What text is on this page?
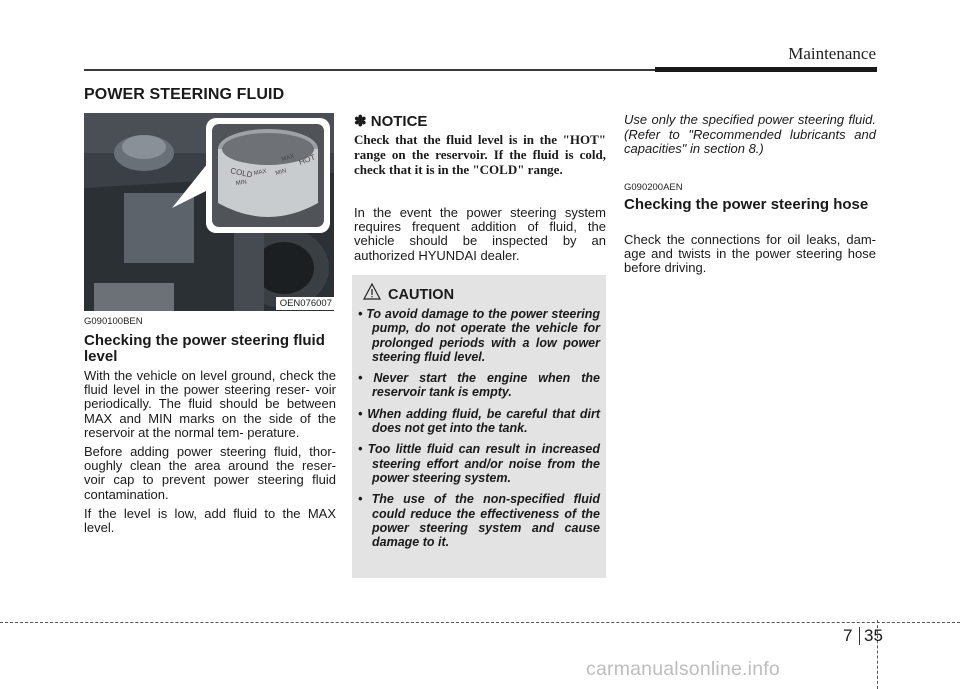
Maintenance
POWER STEERING FLUID
COLD
MIN
MAX
HOT
MAX
MIN
OEN076007
G090100BEN
Checking the power steering fluid level

With the vehicle on level ground, check the fluid level in the power steering reser- voir periodically. The fluid should be between MAX and MIN marks on the side of the reservoir at the normal tem- perature.

Before adding power steering fluid, thor- oughly clean the area around the reser- voir cap to prevent power steering fluid contamination.

If the level is low, add fluid to the MAX level.

✽ NOTICE
Check that the fluid level is in the "HOT" range on the reservoir. If the fluid is cold, check that it is in the "COLD" range.
In the event the power steering system requires frequent addition of fluid, the vehicle should be inspected by an authorized HYUNDAI dealer.
CAUTION
• To avoid damage to the power steering pump, do not operate the vehicle for prolonged periods with a low power steering fluid level.
• Never start the engine when the reservoir tank is empty.
• When adding fluid, be careful that dirt does not get into the tank.
• Too little fluid can result in increased steering effort and/or noise from the power steering system.
• The use of the non-specified fluid could reduce the effectiveness of the power steering system and cause damage to it.
Use only the specified power steering fluid. (Refer to "Recommended lubricants and capacities" in section 8.)
G090200AEN
Checking the power steering hose
Check the connections for oil leaks, dam- age and twists in the power steering hose before driving.
7 35
carmanualsonline.info
